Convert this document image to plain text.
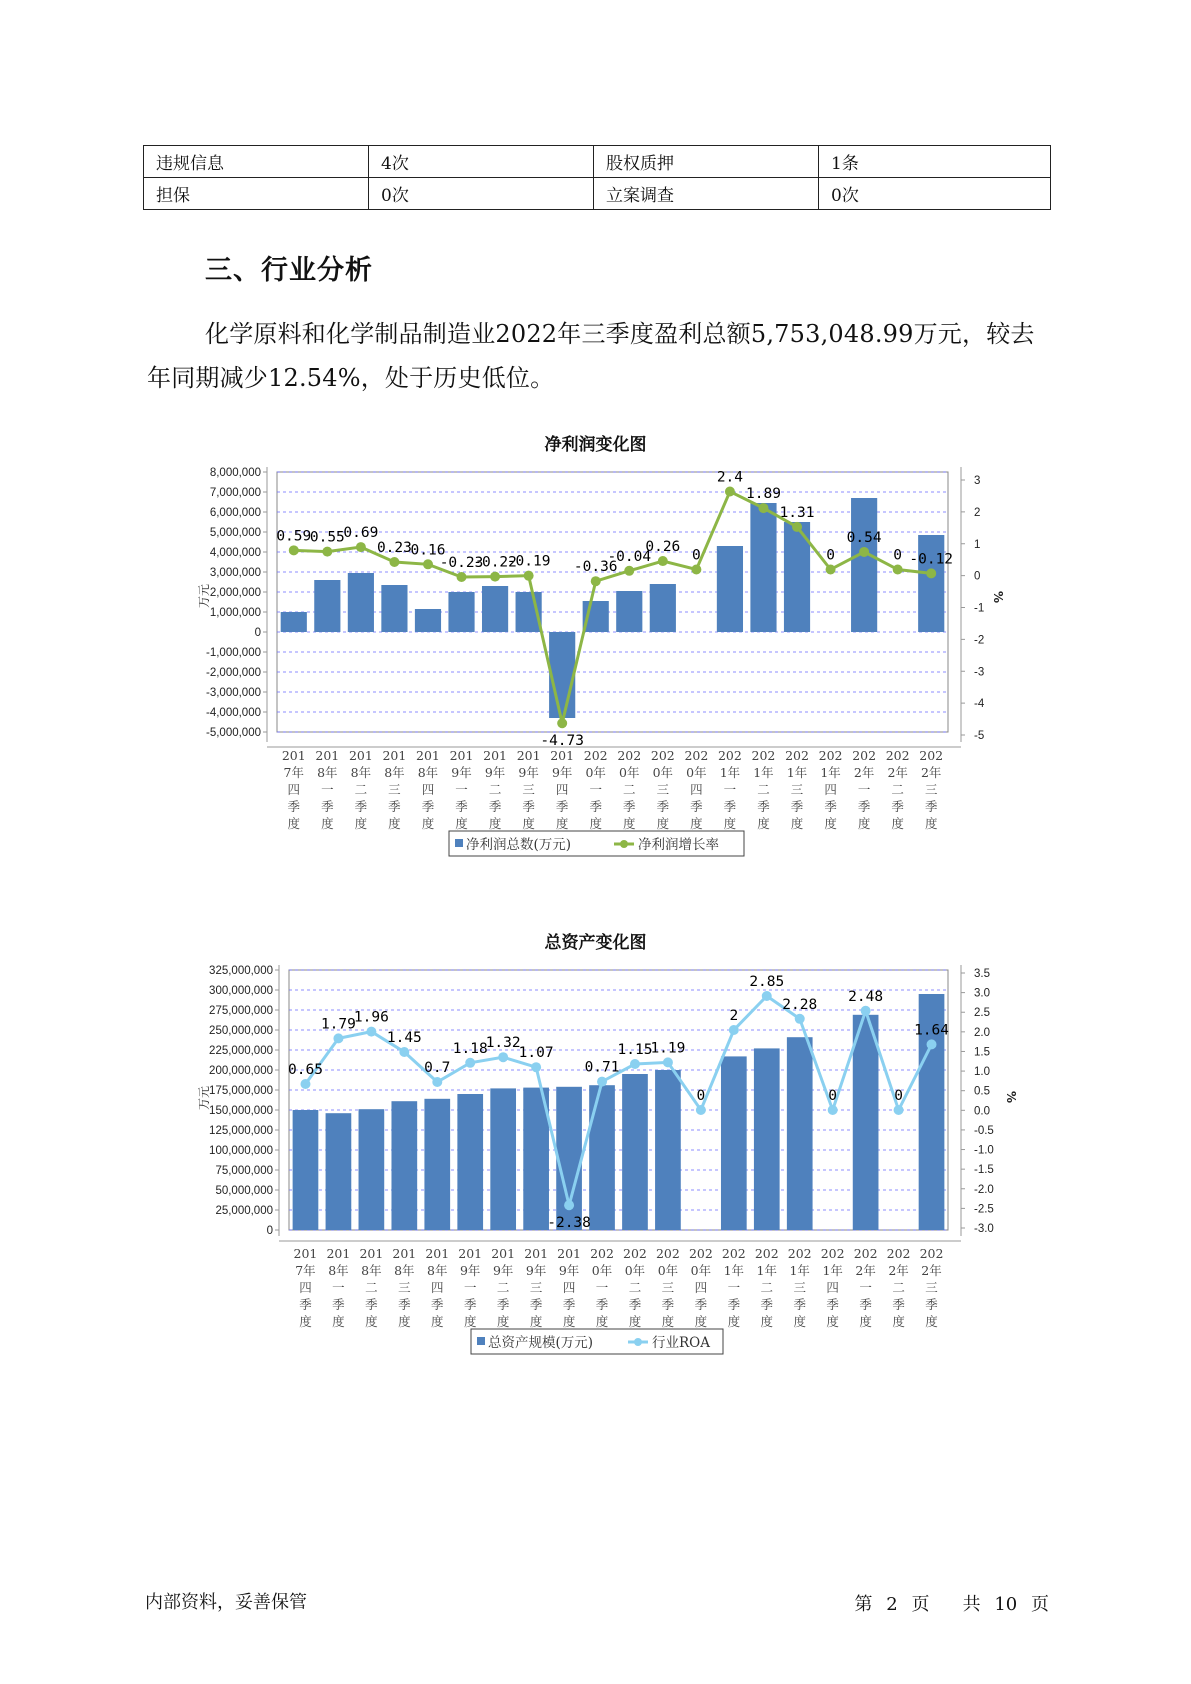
违规信息	4次	股权质押	1条
担保	0次	立案调查	0次
三、行业分析
化学原料和化学制品制造业2022年三季度盈利总额5,753,048.99万元，较去年同期减少12.54%，处于历史低位。
净利润变化图
8,000,000
7,000,000
6,000,000
5,000,000
4,000,000
3,000,000
2,000,000
1,000,000
0
-1,000,000
-2,000,000
-3,000,000
-4,000,000
-5,000,000
3
2
1
0
-1
-2
-3
-4
-5
万元	%
0.59
0.55
0.69
0.23
0.16
-0.23
-0.22
-0.19
-4.73
-0.36
-0.04
0.26
0
2.4
1.89
1.31
0
0.54
0 -0.12
201
7年
四
季
度
201
8年
一
季
度
201
8年
二
季
度
201
8年
三
季
度
201
8年
四
季
度
201
9年
一
季
度
201
9年
二
季
度
201
9年
三
季
度
201
9年
四
季
度
202
0年
一
季
度
202
0年
二
季
度
202
0年
三
季
度
202
0年
四
季
度
202
1年
一
季
度
202
1年
二
季
度
202
1年
三
季
度
202
1年
四
季
度
202
2年
一
季
度
202
2年
二
季
度
202
2年
三
季
度
净利润总数(万元)	净利润增长率
总资产变化图
325,000,000
300,000,000
275,000,000
250,000,000
225,000,000
200,000,000
175,000,000
150,000,000
125,000,000
100,000,000
75,000,000
50,000,000
25,000,000
0
3.5
3.0
2.5
2.0
1.5
1.0
0.5
0.0
-0.5
-1.0
-1.5
-2.0
-2.5
-3.0
万元	%
0.65
1.79
1.96
1.45
0.7
1.18
1.32
1.07
-2.38
0.71
1.15
1.19
0
2
2.85
2.28
0
2.48
0
1.64
201
7年
四
季
度
201
8年
一
季
度
201
8年
二
季
度
201
8年
三
季
度
201
8年
四
季
度
201
9年
一
季
度
201
9年
二
季
度
201
9年
三
季
度
201
9年
四
季
度
202
0年
一
季
度
202
0年
二
季
度
202
0年
三
季
度
202
0年
四
季
度
202
1年
一
季
度
202
1年
二
季
度
202
1年
三
季
度
202
1年
四
季
度
202
2年
一
季
度
202
2年
二
季
度
202
2年
三
季
度
总资产规模(万元)	行业ROA
内部资料，妥善保管	第 2 页 共 10 页
